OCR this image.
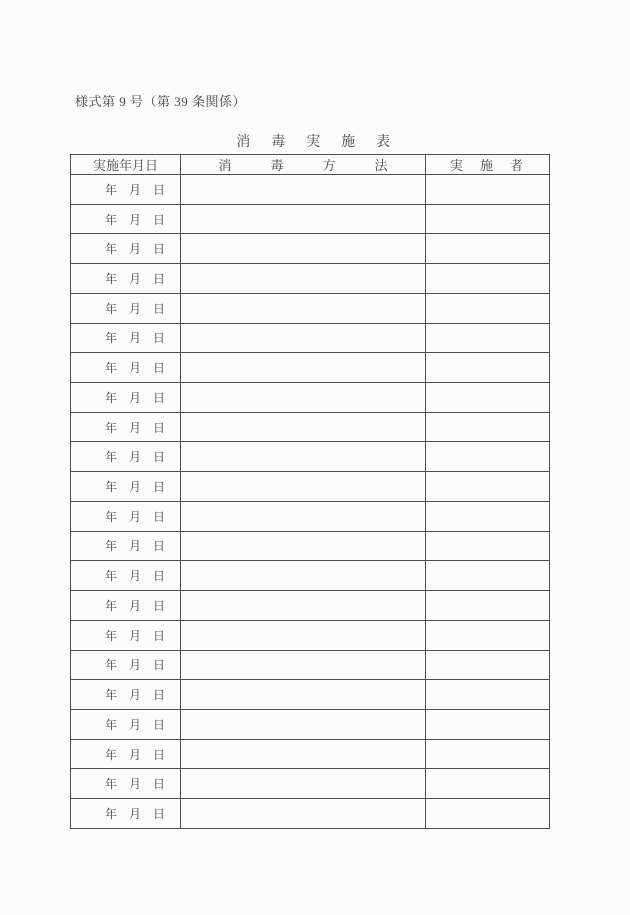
様式第 9 号（第 39 条関係）
消　毒　実　施　表
実施年月日	消　　　毒　　　方　　　法	実　施　者
年　月　日		
年　月　日		
年　月　日		
年　月　日		
年　月　日		
年　月　日		
年　月　日		
年　月　日		
年　月　日		
年　月　日		
年　月　日		
年　月　日		
年　月　日		
年　月　日		
年　月　日		
年　月　日		
年　月　日		
年　月　日		
年　月　日		
年　月　日		
年　月　日		
年　月　日		
